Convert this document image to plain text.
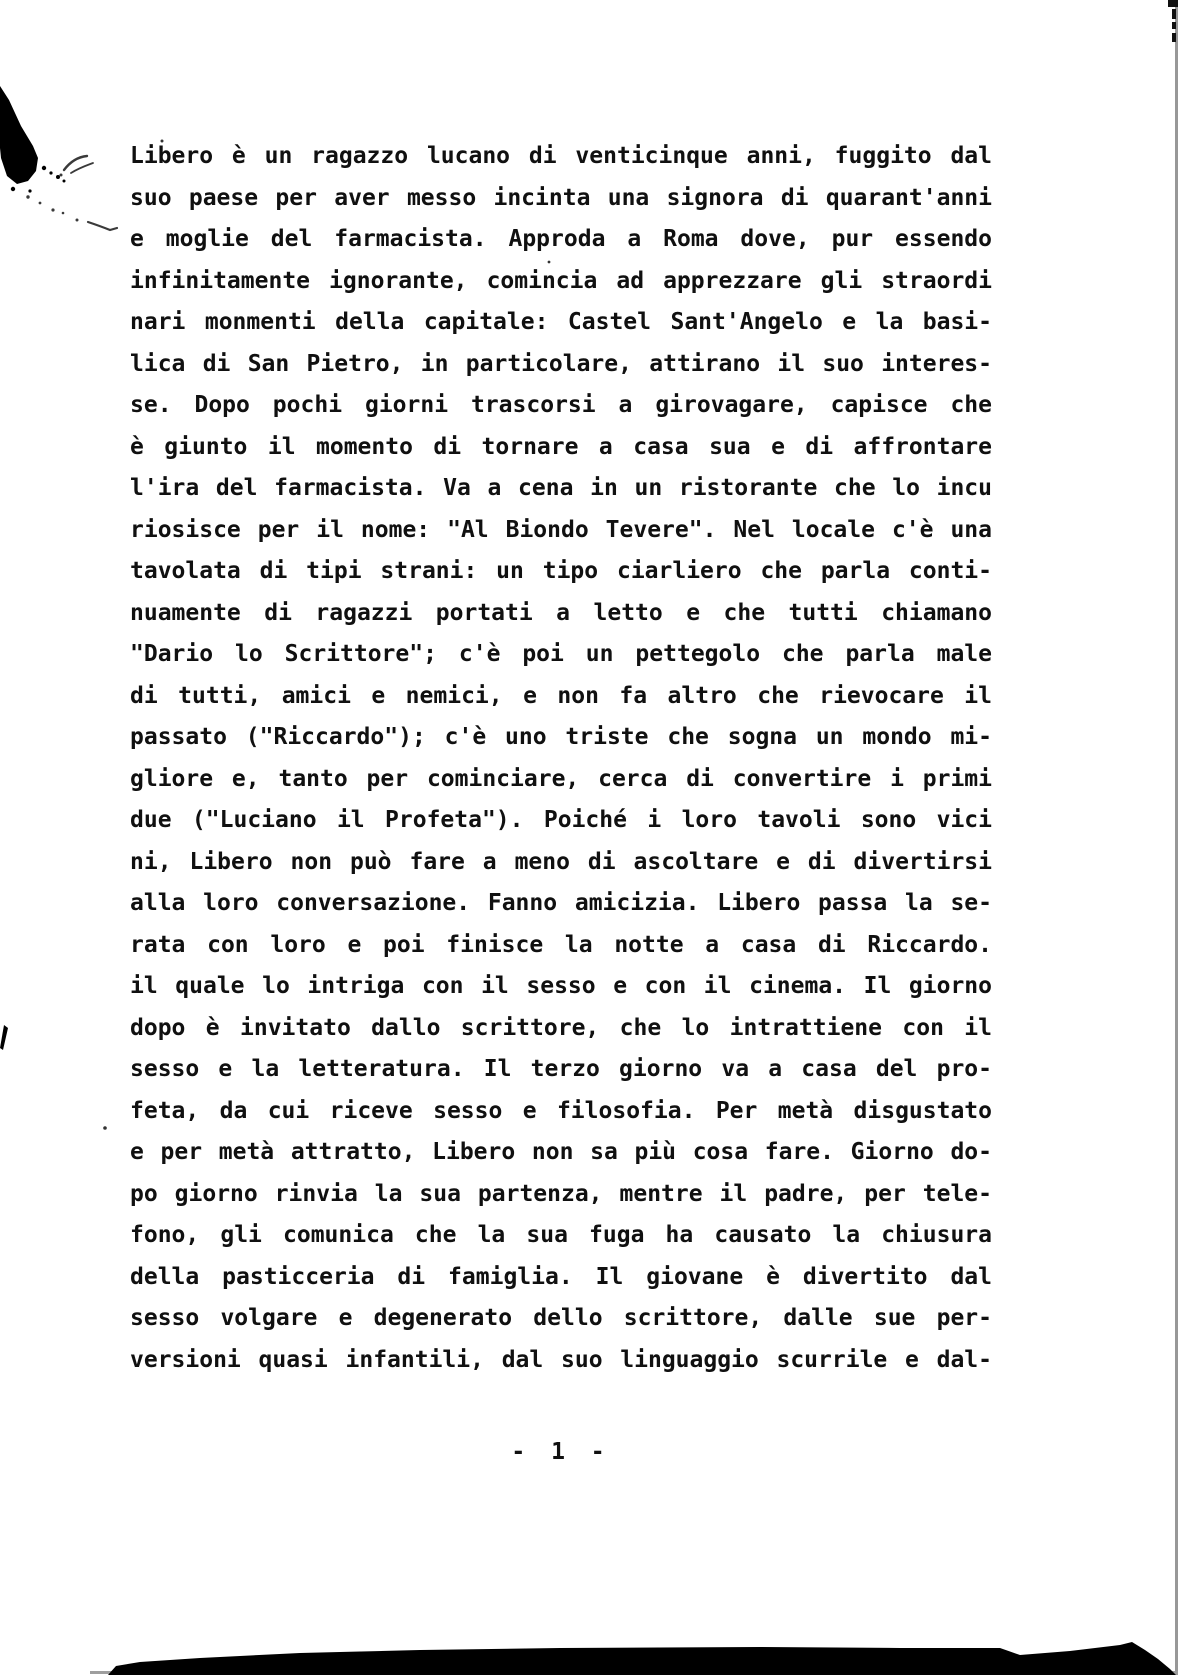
Libero è un ragazzo lucano di venticinque anni, fuggito dal
suo paese per aver messo incinta una signora di quarant'anni
e moglie del farmacista. Approda a Roma dove, pur essendo
infinitamente ignorante, comincia ad apprezzare gli straordi
nari monmenti della capitale: Castel Sant'Angelo e la basi-
lica di San Pietro, in particolare, attirano il suo interes-
se. Dopo pochi giorni trascorsi a girovagare, capisce che
è giunto il momento di tornare a casa sua e di affrontare
l'ira del farmacista. Va a cena in un ristorante che lo incu
riosisce per il nome: "Al Biondo Tevere". Nel locale c'è una
tavolata di tipi strani: un tipo ciarliero che parla conti-
nuamente di ragazzi portati a letto e che tutti chiamano
"Dario lo Scrittore"; c'è poi un pettegolo che parla male
di tutti, amici e nemici, e non fa altro che rievocare il
passato ("Riccardo"); c'è uno triste che sogna un mondo mi-
gliore e, tanto per cominciare, cerca di convertire i primi
due ("Luciano il Profeta"). Poiché i loro tavoli sono vici
ni, Libero non può fare a meno di ascoltare e di divertirsi
alla loro conversazione. Fanno amicizia. Libero passa la se-
rata con loro e poi finisce la notte a casa di Riccardo.
il quale lo intriga con il sesso e con il cinema. Il giorno
dopo è invitato dallo scrittore, che lo intrattiene con il
sesso e la letteratura. Il terzo giorno va a casa del pro-
feta, da cui riceve sesso e filosofia. Per metà disgustato
e per metà attratto, Libero non sa più cosa fare. Giorno do-
po giorno rinvia la sua partenza, mentre il padre, per tele-
fono, gli comunica che la sua fuga ha causato la chiusura
della pasticceria di famiglia. Il giovane è divertito dal
sesso volgare e degenerato dello scrittore, dalle sue per-
versioni quasi infantili, dal suo linguaggio scurrile e dal-
- 1 -
